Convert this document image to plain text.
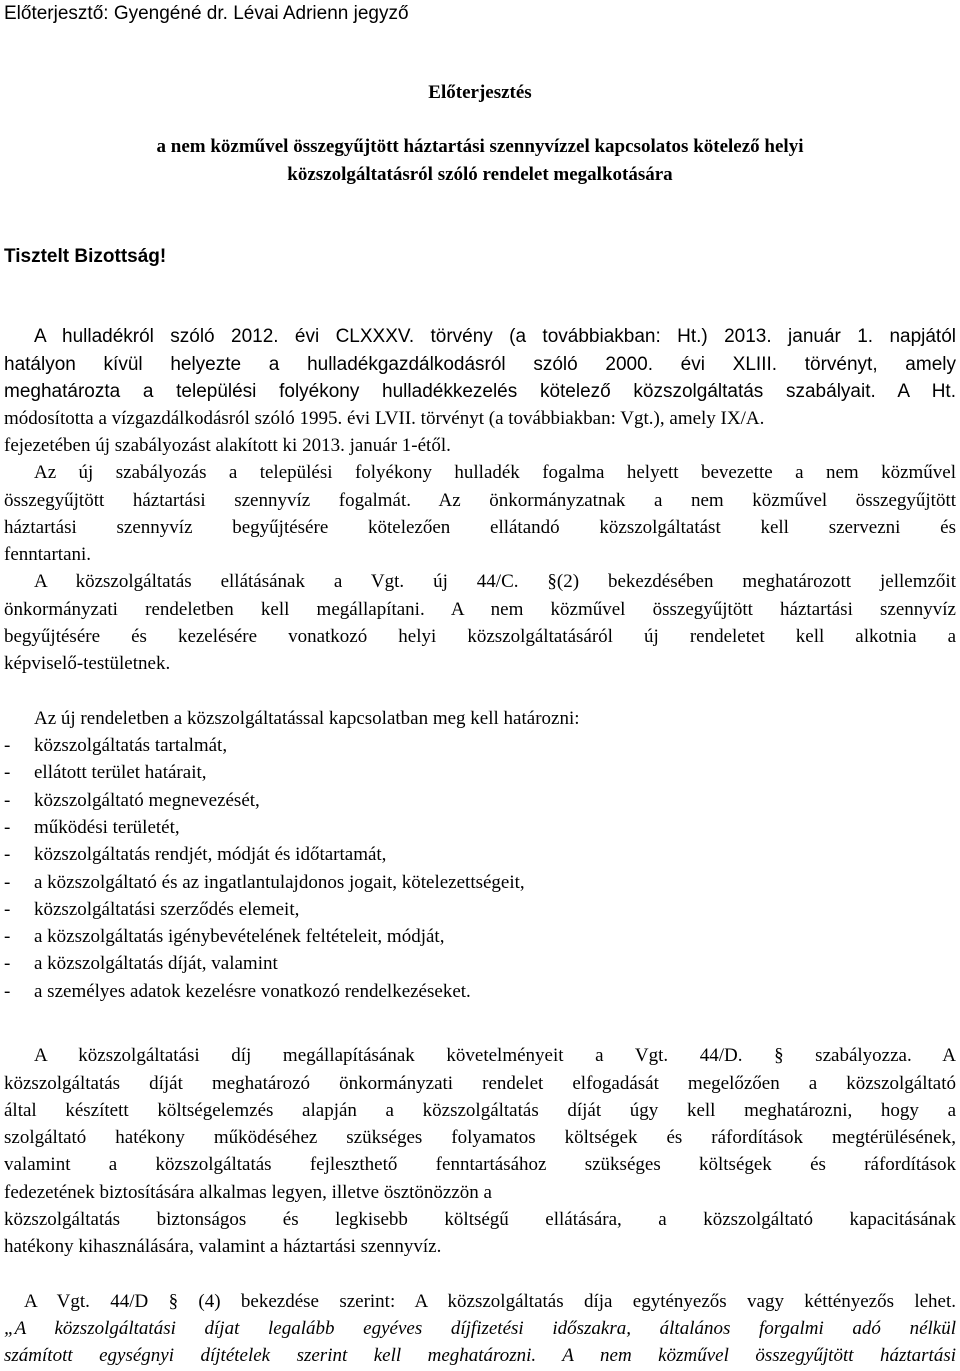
Előterjesztő: Gyengéné dr. Lévai Adrienn jegyző
Előterjesztés
a nem közművel összegyűjtött háztartási szennyvízzel kapcsolatos kötelező helyi
közszolgáltatásról szóló rendelet megalkotására
Tisztelt Bizottság!
A hulladékról szóló 2012. évi CLXXXV. törvény (a továbbiakban: Ht.) 2013. január 1. napjától
hatályon kívül helyezte a hulladékgazdálkodásról szóló 2000. évi XLIII. törvényt, amely
meghatározta a települési folyékony hulladékkezelés kötelező közszolgáltatás szabályait. A Ht.
módosította a vízgazdálkodásról szóló 1995. évi LVII. törvényt (a továbbiakban: Vgt.), amely IX/A.
fejezetében új szabályozást alakított ki 2013. január 1-étől.
Az új szabályozás a települési folyékony hulladék fogalma helyett bevezette a nem közművel
összegyűjtött háztartási szennyvíz fogalmát. Az önkormányzatnak a nem közművel összegyűjtött
háztartási szennyvíz begyűjtésére kötelezően ellátandó közszolgáltatást kell szervezni és
fenntartani.
A közszolgáltatás ellátásának a Vgt. új 44/C. §(2) bekezdésében meghatározott jellemzőit
önkormányzati rendeletben kell megállapítani. A nem közművel összegyűjtött háztartási szennyvíz
begyűjtésére és kezelésére vonatkozó helyi közszolgáltatásáról új rendeletet kell alkotnia a
képviselő-testületnek.
Az új rendeletben a közszolgáltatással kapcsolatban meg kell határozni:
- közszolgáltatás tartalmát,
- ellátott terület határait,
- közszolgáltató megnevezését,
- működési területét,
- közszolgáltatás rendjét, módját és időtartamát,
- a közszolgáltató és az ingatlantulajdonos jogait, kötelezettségeit,
- közszolgáltatási szerződés elemeit,
- a közszolgáltatás igénybevételének feltételeit, módját,
- a közszolgáltatás díját, valamint
- a személyes adatok kezelésre vonatkozó rendelkezéseket.
A közszolgáltatási díj megállapításának követelményeit a Vgt. 44/D. § szabályozza. A
közszolgáltatás díját meghatározó önkormányzati rendelet elfogadását megelőzően a közszolgáltató
által készített költségelemzés alapján a közszolgáltatás díját úgy kell meghatározni, hogy a
szolgáltató hatékony működéséhez szükséges folyamatos költségek és ráfordítások megtérülésének,
valamint a közszolgáltatás fejleszthető fenntartásához szükséges költségek és ráfordítások
fedezetének biztosítására alkalmas legyen, illetve ösztönözzön a
közszolgáltatás biztonságos és legkisebb költségű ellátására, a közszolgáltató kapacitásának
hatékony kihasználására, valamint a háztartási szennyvíz.
A Vgt. 44/D § (4) bekezdése szerint: A közszolgáltatás díja egytényezős vagy kéttényezős lehet.
„A közszolgáltatási díjat legalább egyéves díjfizetési időszakra, általános forgalmi adó nélkül
számított egységnyi díjtételek szerint kell meghatározni. A nem közművel összegyűjtött háztartási
